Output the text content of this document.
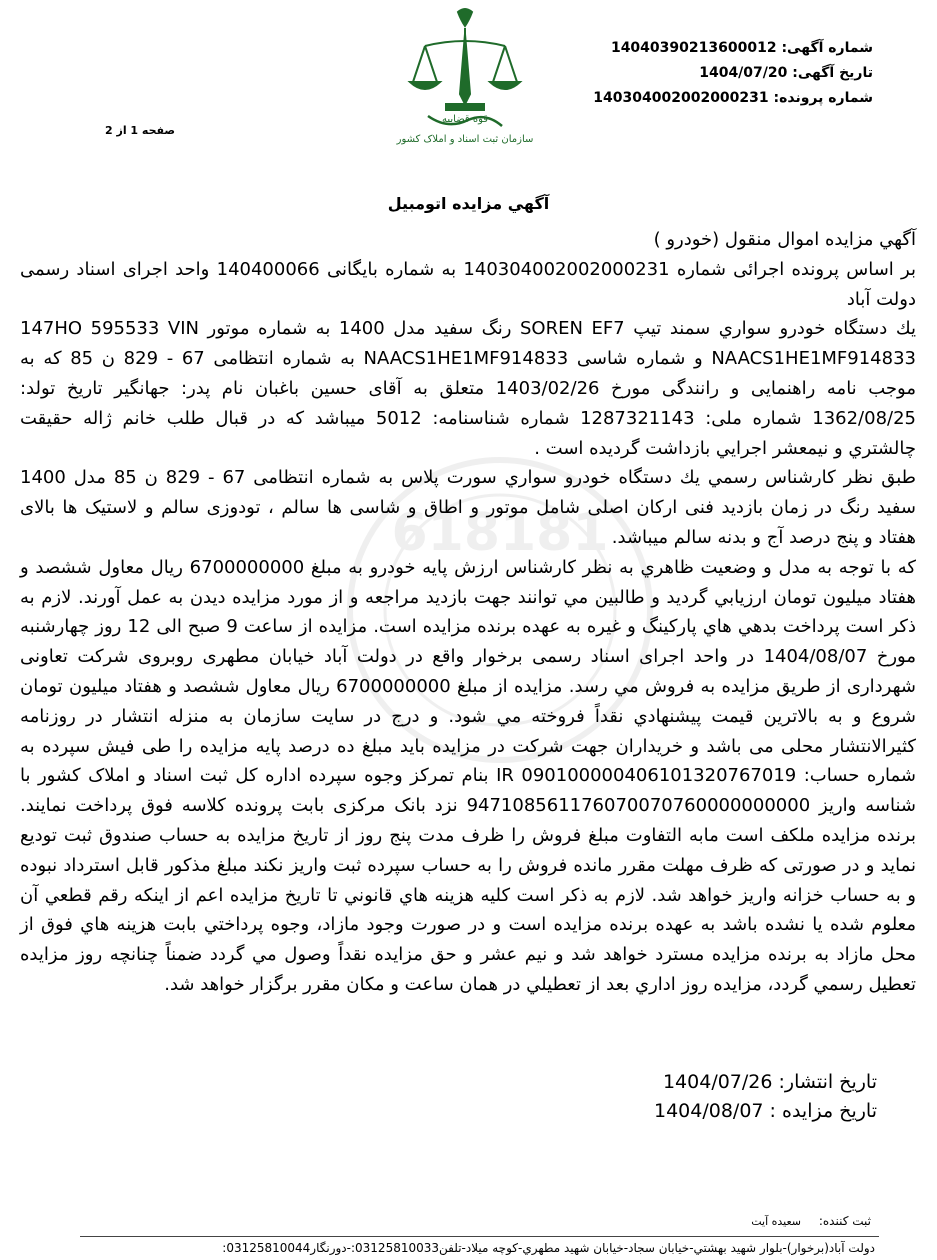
شماره آگهی: 14040390213600012
تاریخ آگهی: 1404/07/20
شماره پرونده: 140304002002000231
صفحه 1 از 2
قوه قضاییه
سازمان ثبت اسناد و املاک کشور
آگهي مزايده اتومبيل
618181

آگهي مزايده اموال منقول (خودرو )

بر اساس پرونده اجرائی شماره 140304002002000231 به شماره بایگانی 140400066 واحد اجرای اسناد رسمی دولت آباد

يك دستگاه خودرو سواري سمند تيپ SOREN EF7 رنگ سفيد مدل 1400 به شماره موتور 147HO 595533 VIN NAACS1HE1MF914833 و شماره شاسی NAACS1HE1MF914833 به شماره انتظامی 67 - 829 ن 85 که به موجب نامه راهنمایی و رانندگی مورخ 1403/02/26 متعلق به آقای حسین باغبان نام پدر: جهانگیر تاریخ تولد: 1362/08/25 شماره ملی: 1287321143 شماره شناسنامه: 5012 میباشد که در قبال طلب خانم ژاله حقیقت چالشتري و نیمعشر اجرايي بازداشت گرديده است .

طبق نظر کارشناس رسمي يك دستگاه خودرو سواري سورت پلاس به شماره انتظامی 67 - 829 ن 85 مدل 1400 سفيد رنگ در زمان بازدید فنی ارکان اصلی شامل موتور و اطاق و شاسی ها سالم ، تودوزی سالم و لاستیک ها بالای هفتاد و پنج درصد آج و بدنه سالم میباشد.

که با توجه به مدل و وضعيت ظاهري به نظر کارشناس ارزش پایه خودرو به مبلغ 6700000000 ریال معاول ششصد و هفتاد میلیون تومان ارزيابي گرديد و طالبين مي توانند جهت بازديد مراجعه و از مورد مزايده ديدن به عمل آورند. لازم به ذكر است پرداخت بدهي هاي پاركينگ و غيره به عهده برنده مزايده است. مزایده از ساعت 9 صبح الی 12 روز چهارشنبه مورخ 1404/08/07 در واحد اجرای اسناد رسمی برخوار واقع در دولت آباد خیابان مطهری روبروی شرکت تعاونی شهرداری از طريق مزايده به فروش مي رسد. مزايده از مبلغ 6700000000 ريال معاول ششصد و هفتاد میلیون تومان شروع و به بالاترين قيمت پيشنهادي نقداً فروخته مي شود. و درج در سایت سازمان به منزله انتشار در روزنامه کثیرالانتشار محلی می باشد و خریداران جهت شرکت در مزایده باید مبلغ ده درصد پایه مزایده را طی فیش سپرده به شماره حساب: IR 090100000406101320767019 بنام تمرکز وجوه سپرده اداره کل ثبت اسناد و املاک کشور با شناسه واریز 947108561176070070760000000000 نزد بانک مرکزی بابت پرونده کلاسه فوق پرداخت نمایند. برنده مزایده ملکف است مابه التفاوت مبلغ فروش را ظرف مدت پنج روز از تاریخ مزایده به حساب صندوق ثبت توديع نماید و در صورتی که ظرف مهلت مقرر مانده فروش را به حساب سپرده ثبت واریز نکند مبلغ مذکور قابل استرداد نبوده و به حساب خزانه واریز خواهد شد. لازم به ذکر است کلیه هزینه هاي قانوني تا تاريخ مزايده اعم از اينكه رقم قطعي آن معلوم شده يا نشده باشد به عهده برنده مزايده است و در صورت وجود مازاد، وجوه پرداختي بابت هزينه هاي فوق از محل مازاد به برنده مزايده مسترد خواهد شد و نيم عشر و حق مزايده نقداً وصول مي گردد ضمناً چنانچه روز مزايده تعطيل رسمي گردد، مزايده روز اداري بعد از تعطيلي در همان ساعت و مكان مقرر برگزار خواهد شد.

تاریخ انتشار: 1404/07/26
تاریخ مزایده : 1404/08/07
ثبت کننده: سعیده آیت
دولت آباد(برخوار)-بلوار شهيد بهشتي-خيابان سجاد-خيابان شهيد مطهري-كوچه ميلاد-تلفن03125810033:-دورنگار03125810044:
